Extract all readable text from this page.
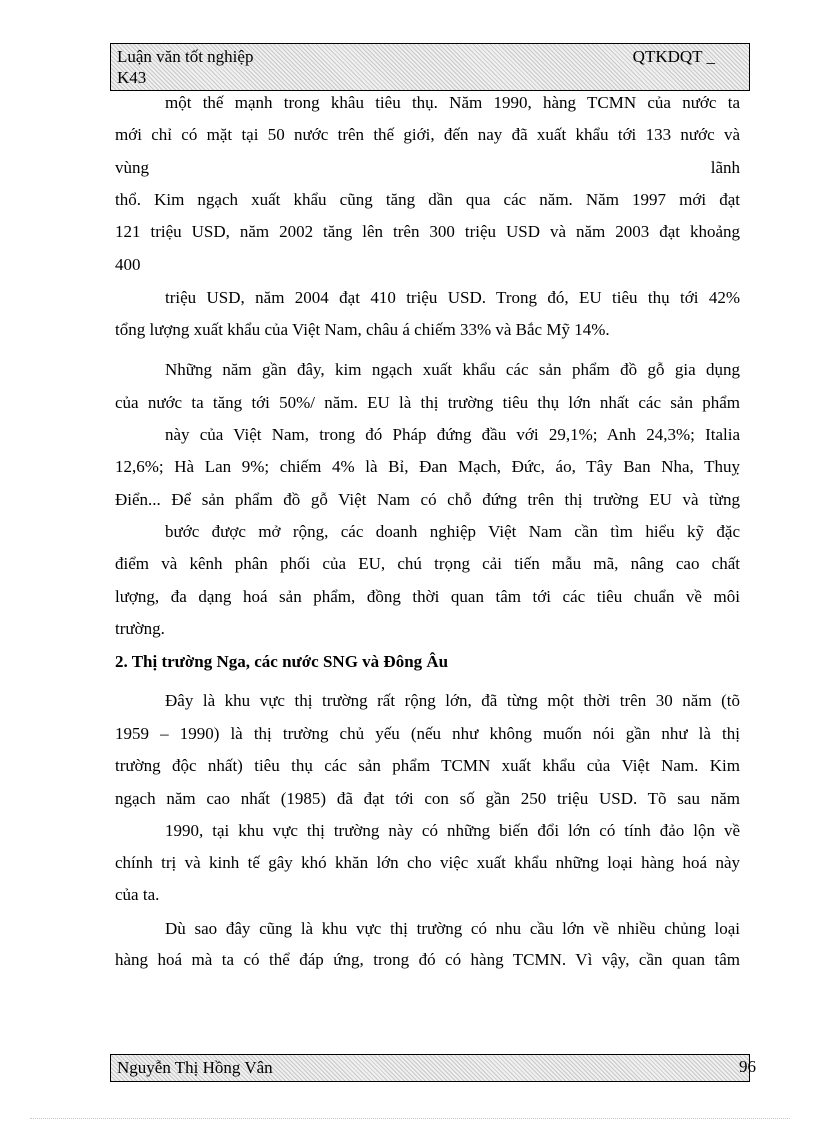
Luận văn tốt nghiệp	QTKDQT _
K43
một thế mạnh trong khâu tiêu thụ. Năm 1990, hàng TCMN của nước ta
mới chỉ có mặt tại 50 nước trên thế giới, đến nay đã xuất khẩu tới 133 nước và
vùng lãnh
thổ. Kim ngạch xuất khẩu cũng tăng dần qua các năm. Năm 1997 mới đạt
121 triệu USD, năm 2002 tăng lên trên 300 triệu USD và năm 2003 đạt khoảng
400
triệu USD, năm 2004 đạt 410 triệu USD. Trong đó, EU tiêu thụ tới 42%
tổng lượng xuất khẩu của Việt Nam, châu á chiếm 33% và Bắc Mỹ 14%.
Những năm gần đây, kim ngạch xuất khẩu các sản phẩm đồ gỗ gia dụng
của nước ta tăng tới 50%/ năm. EU là thị trường tiêu thụ lớn nhất các sản phẩm
này của Việt Nam, trong đó Pháp đứng đầu với 29,1%; Anh 24,3%; Italia
12,6%; Hà Lan 9%; chiếm 4% là Bỉ, Đan Mạch, Đức, áo, Tây Ban Nha, Thuỵ
Điển... Để sản phẩm đồ gỗ Việt Nam có chỗ đứng trên thị trường EU và từng
bước được mở rộng, các doanh nghiệp Việt Nam cần tìm hiểu kỹ đặc
điểm và kênh phân phối của EU, chú trọng cải tiến mẫu mã, nâng cao chất
lượng, đa dạng hoá sản phẩm, đồng thời quan tâm tới các tiêu chuẩn về môi
trường.
2. Thị trường Nga, các nước SNG và Đông Âu
Đây là khu vực thị trường rất rộng lớn, đã từng một thời trên 30 năm (tõ
1959 – 1990) là thị trường chủ yếu (nếu như không muốn nói gần như là thị
trường độc nhất) tiêu thụ các sản phẩm TCMN xuất khẩu của Việt Nam. Kim
ngạch năm cao nhất (1985) đã đạt tới con số gần 250 triệu USD. Tõ sau năm
1990, tại khu vực thị trường này có những biến đổi lớn có tính đảo lộn về
chính trị và kinh tế gây khó khăn lớn cho việc xuất khẩu những loại hàng hoá này
của ta.
Dù sao đây cũng là khu vực thị trường có nhu cầu lớn về nhiều chủng loại
hàng hoá mà ta có thể đáp ứng, trong đó có hàng TCMN. Vì vậy, cần quan tâm
Nguyễn Thị Hồng Vân	96
